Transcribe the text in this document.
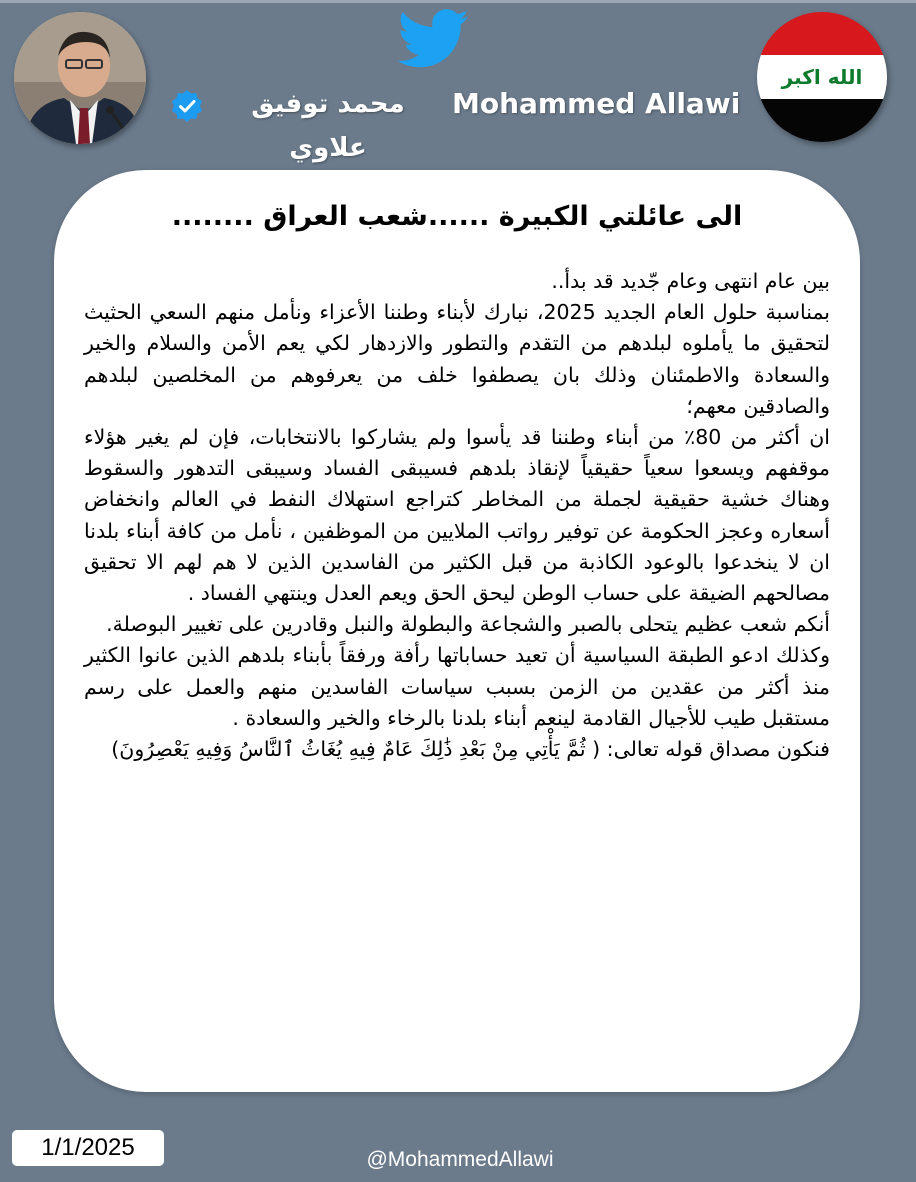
محمد توفيق علاوي
Mohammed Allawi
الله اكبر
الى عائلتي الكبيرة ......شعب العراق ........

بين عام انتهى وعام جّديد قد بدأ..

بمناسبة حلول العام الجديد 2025، نبارك لأبناء وطننا الأعزاء ونأمل منهم السعي الحثيث لتحقيق ما يأملوه لبلدهم من التقدم والتطور والازدهار لكي يعم الأمن والسلام والخير والسعادة والاطمئنان وذلك بان يصطفوا خلف من يعرفوهم من المخلصين لبلدهم والصادقين معهم؛

ان أكثر من 80٪ من أبناء وطننا قد يأسوا ولم يشاركوا بالانتخابات، فإن لم يغير هؤلاء موقفهم ويسعوا سعياً حقيقياً لإنقاذ بلدهم فسيبقى الفساد وسيبقى التدهور والسقوط وهناك خشية حقيقية لجملة من المخاطر كتراجع استهلاك النفط في العالم وانخفاض أسعاره وعجز الحكومة عن توفير رواتب الملايين من الموظفين ، نأمل من كافة أبناء بلدنا ان لا ينخدعوا بالوعود الكاذبة من قبل الكثير من الفاسدين الذين لا هم لهم الا تحقيق مصالحهم الضيقة على حساب الوطن ليحق الحق ويعم العدل وينتهي الفساد .

أنكم شعب عظيم يتحلى بالصبر والشجاعة والبطولة والنبل وقادرين على تغيير البوصلة.

وكذلك ادعو الطبقة السياسية أن تعيد حساباتها رأفة ورفقاً بأبناء بلدهم الذين عانوا الكثير منذ أكثر من عقدين من الزمن بسبب سياسات الفاسدين منهم والعمل على رسم مستقبل طيب للأجيال القادمة لينعم أبناء بلدنا بالرخاء والخير والسعادة .

فنكون مصداق قوله تعالى: ( ثُمَّ يَأْتِي مِنْ بَعْدِ ذَٰلِكَ عَامٌ فِيهِ يُغَاثُ ٱلنَّاسُ وَفِيهِ يَعْصِرُونَ)

1/1/2025	@MohammedAllawi
